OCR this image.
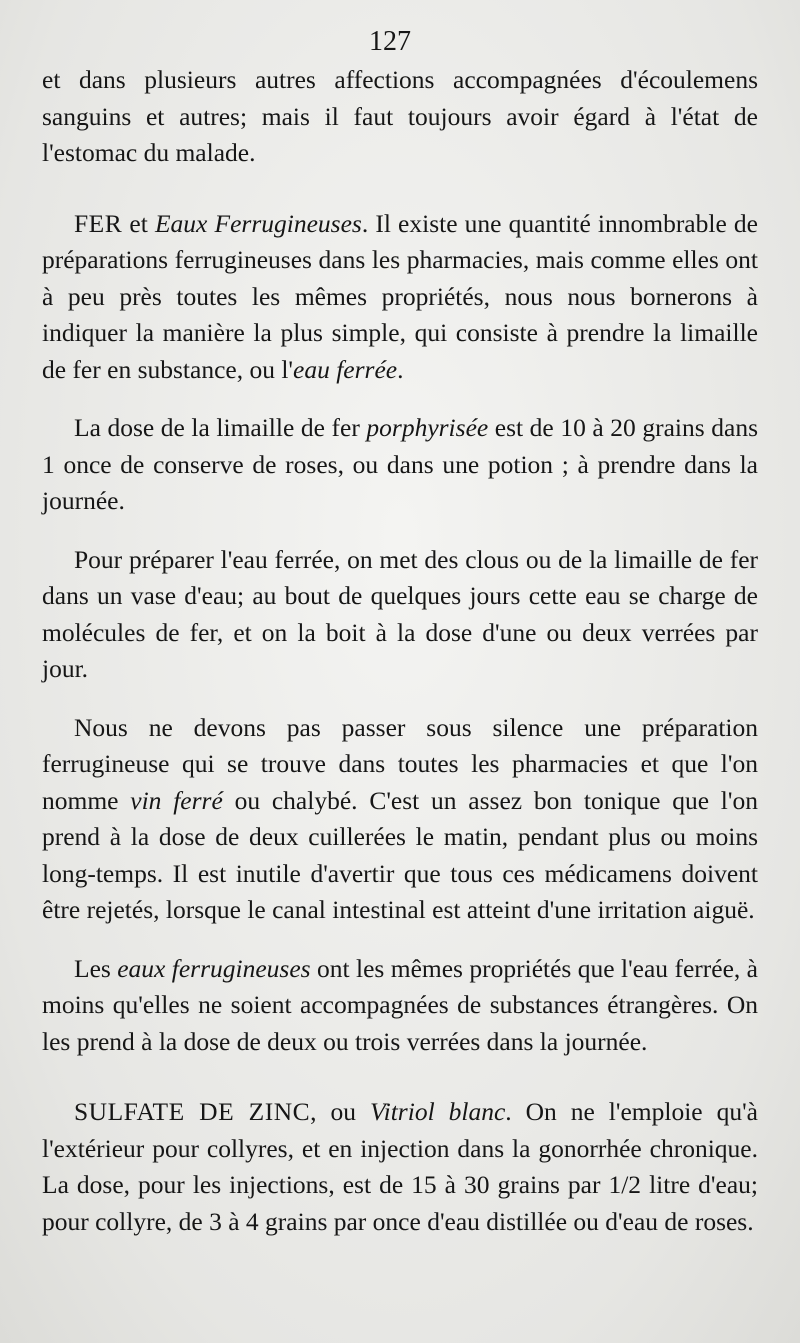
127

et dans plusieurs autres affections accompagnées d'écoulemens sanguins et autres; mais il faut toujours avoir égard à l'état de l'estomac du malade.

FER et Eaux Ferrugineuses. Il existe une quantité innombrable de préparations ferrugineuses dans les pharmacies, mais comme elles ont à peu près toutes les mêmes propriétés, nous nous bornerons à indiquer la manière la plus simple, qui consiste à prendre la limaille de fer en substance, ou l'eau ferrée.

La dose de la limaille de fer porphyrisée est de 10 à 20 grains dans 1 once de conserve de roses, ou dans une potion ; à prendre dans la journée.

Pour préparer l'eau ferrée, on met des clous ou de la limaille de fer dans un vase d'eau; au bout de quelques jours cette eau se charge de molécules de fer, et on la boit à la dose d'une ou deux verrées par jour.

Nous ne devons pas passer sous silence une préparation ferrugineuse qui se trouve dans toutes les pharmacies et que l'on nomme vin ferré ou chalybé. C'est un assez bon tonique que l'on prend à la dose de deux cuillerées le matin, pendant plus ou moins long-temps. Il est inutile d'avertir que tous ces médicamens doivent être rejetés, lorsque le canal intestinal est atteint d'une irritation aiguë.

Les eaux ferrugineuses ont les mêmes propriétés que l'eau ferrée, à moins qu'elles ne soient accompagnées de substances étrangères. On les prend à la dose de deux ou trois verrées dans la journée.

SULFATE DE ZINC, ou Vitriol blanc. On ne l'emploie qu'à l'extérieur pour collyres, et en injection dans la gonorrhée chronique. La dose, pour les injections, est de 15 à 30 grains par 1/2 litre d'eau; pour collyre, de 3 à 4 grains par once d'eau distillée ou d'eau de roses.
